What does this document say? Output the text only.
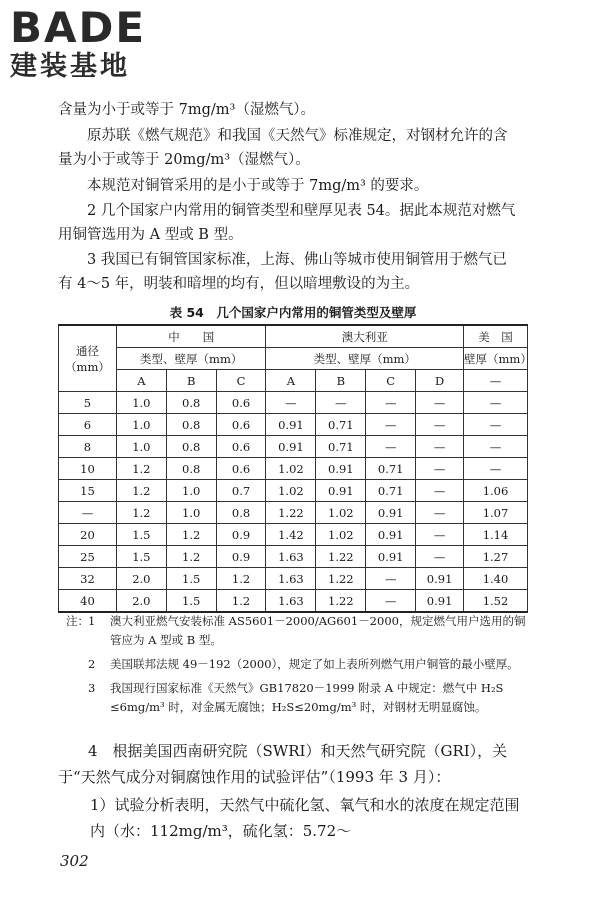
BADE
建装基地

含量为小于或等于 7mg/m³（湿燃气）。

原苏联《燃气规范》和我国《天然气》标准规定，对钢材允许的含量为小于或等于 20mg/m³（湿燃气）。

本规范对铜管采用的是小于或等于 7mg/m³ 的要求。

2 几个国家户内常用的铜管类型和壁厚见表 54。据此本规范对燃气用铜管选用为 A 型或 B 型。

3 我国已有铜管国家标准，上海、佛山等城市使用铜管用于燃气已有 4～5 年，明装和暗埋的均有，但以暗埋敷设的为主。

表 54　几个国家户内常用的铜管类型及壁厚
通径（mm）	中　　国			澳大利亚				美　国
	类型、壁厚（mm）			类型、壁厚（mm）				壁厚（mm）
	A	B	C	A	B	C	D	—
5	1.0	0.8	0.6	—	—	—	—	—
6	1.0	0.8	0.6	0.91	0.71	—	—	—
8	1.0	0.8	0.6	0.91	0.71	—	—	—
10	1.2	0.8	0.6	1.02	0.91	0.71	—	—
15	1.2	1.0	0.7	1.02	0.91	0.71	—	1.06
—	1.2	1.0	0.8	1.22	1.02	0.91	—	1.07
20	1.5	1.2	0.9	1.42	1.02	0.91	—	1.14
25	1.5	1.2	0.9	1.63	1.22	0.91	—	1.27
32	2.0	1.5	1.2	1.63	1.22	—	0.91	1.40
40	2.0	1.5	1.2	1.63	1.22	—	0.91	1.52
注： 1 澳大利亚燃气安装标准 AS5601－2000/AG601－2000，规定燃气用户选用的铜管应为 A 型或 B 型。
2 美国联邦法规 49－192（2000），规定了如上表所列燃气用户铜管的最小壁厚。
3 我国现行国家标准《天然气》GB17820－1999 附录 A 中规定：燃气中 H₂S ≤6mg/m³ 时，对金属无腐蚀；H₂S≤20mg/m³ 时，对钢材无明显腐蚀。

4　根据美国西南研究院（SWRI）和天然气研究院（GRI），关于“天然气成分对铜腐蚀作用的试验评估”（1993 年 3 月）：

1）试验分析表明，天然气中硫化氢、氧气和水的浓度在规定范围内（水：112mg/m³，硫化氢：5.72～

302
